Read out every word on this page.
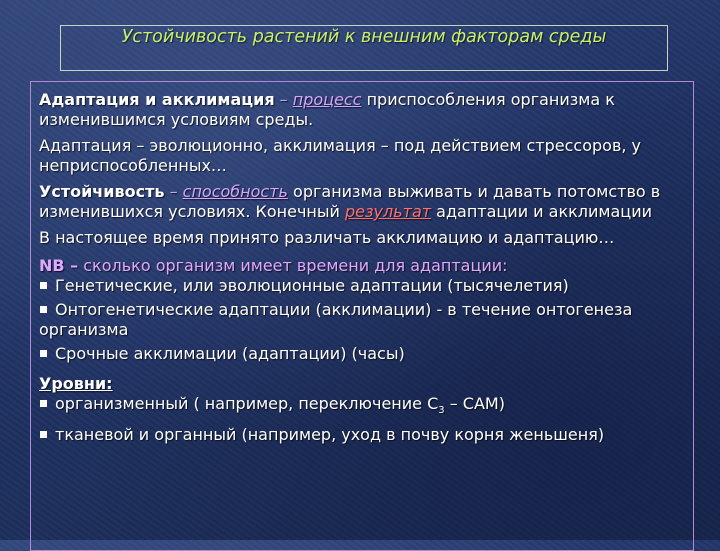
Устойчивость растений к внешним факторам среды

Адаптация и акклимация – процесс приспособления организма к изменившимся условиям среды.

Адаптация – эволюционно, акклимация – под действием стрессоров, у неприспособленных…

Устойчивость – способность организма выживать и давать потомство в изменившихся условиях. Конечный результат адаптации и акклимации

В настоящее время принято различать акклимацию и адаптацию…

NB – сколько организм имеет времени для адаптации:

Генетические, или эволюционные адаптации (тысячелетия)
Онтогенетические адаптации (акклимации) - в течение онтогенеза организма
Срочные акклимации (адаптации) (часы)

Уровни:

организменный ( например, переключение $С_3 - САМ$)
тканевой и органный (например, уход в почву корня женьшеня)
